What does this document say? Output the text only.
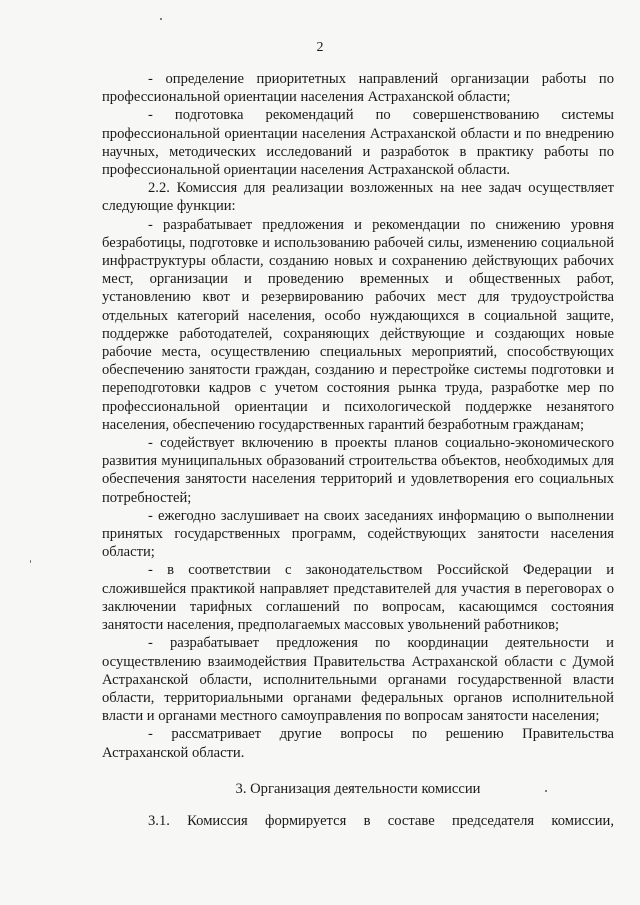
2

- определение приоритетных направлений организации работы по профессиональной ориентации населения Астраханской области;

- подготовка рекомендаций по совершенствованию системы профессиональной ориентации населения Астраханской области и по внедрению научных, методических исследований и разработок в практику работы по профессиональной ориентации населения Астраханской области.

2.2. Комиссия для реализации возложенных на нее задач осуществляет следующие функции:

- разрабатывает предложения и рекомендации по снижению уровня безработицы, подготовке и использованию рабочей силы, изменению социальной инфраструктуры области, созданию новых и сохранению действующих рабочих мест, организации и проведению временных и общественных работ, установлению квот и резервированию рабочих мест для трудоустройства отдельных категорий населения, особо нуждающихся в социальной защите, поддержке работодателей, сохраняющих действующие и создающих новые рабочие места, осуществлению специальных мероприятий, способствующих обеспечению занятости граждан, созданию и перестройке системы подготовки и переподготовки кадров с учетом состояния рынка труда, разработке мер по профессиональной ориентации и психологической поддержке незанятого населения, обеспечению государственных гарантий безработным гражданам;

- содействует включению в проекты планов социально-экономического развития муниципальных образований строительства объектов, необходимых для обеспечения занятости населения территорий и удовлетворения его социальных потребностей;

- ежегодно заслушивает на своих заседаниях информацию о выполнении принятых государственных программ, содействующих занятости населения области;

- в соответствии с законодательством Российской Федерации и сложившейся практикой направляет представителей для участия в переговорах о заключении тарифных соглашений по вопросам, касающимся состояния занятости населения, предполагаемых массовых увольнений работников;

- разрабатывает предложения по координации деятельности и осуществлению взаимодействия Правительства Астраханской области с Думой Астраханской области, исполнительными органами государственной власти области, территориальными органами федеральных органов исполнительной власти и органами местного самоуправления по вопросам занятости населения;

- рассматривает другие вопросы по решению Правительства Астраханской области.

3. Организация деятельности комиссии

3.1. Комиссия формируется в составе председателя комиссии,
